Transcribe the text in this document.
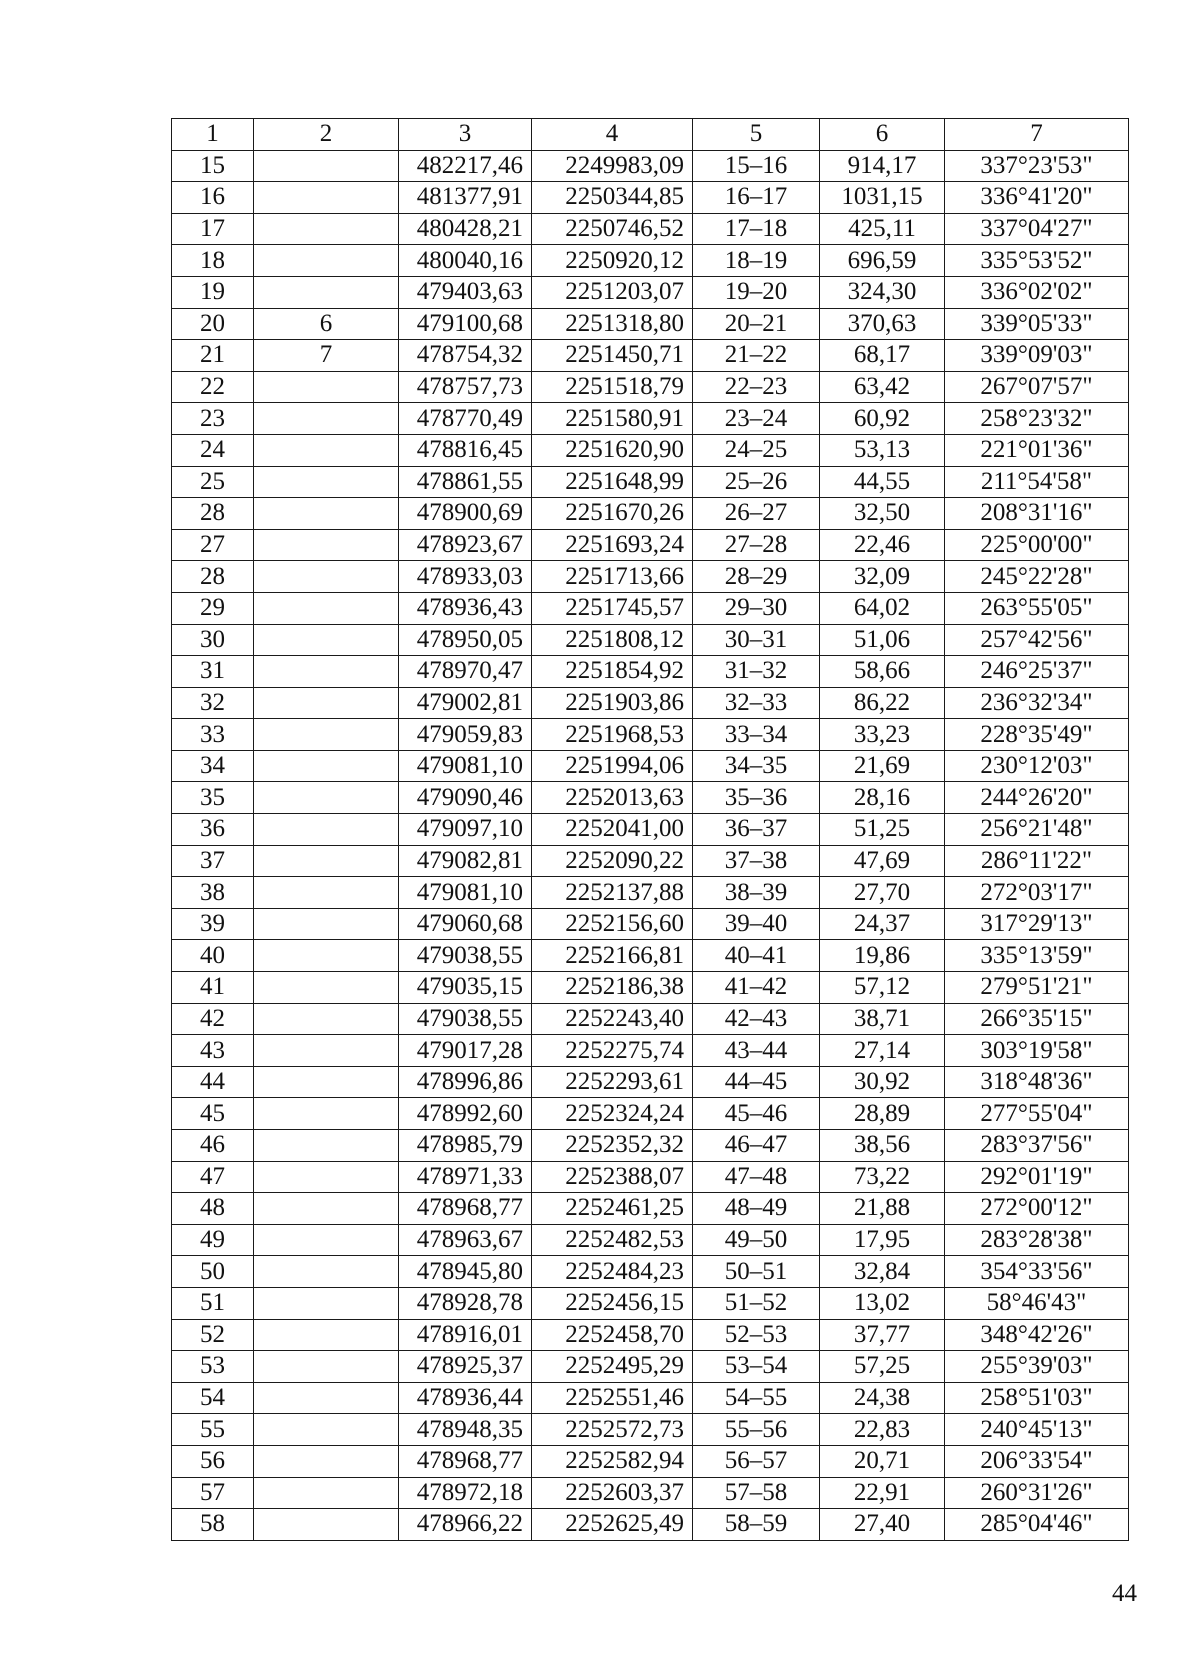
1	2	3	4	5	6	7
15		482217,46	2249983,09	15–16	914,17	337°23'53"
16		481377,91	2250344,85	16–17	1031,15	336°41'20"
17		480428,21	2250746,52	17–18	425,11	337°04'27"
18		480040,16	2250920,12	18–19	696,59	335°53'52"
19		479403,63	2251203,07	19–20	324,30	336°02'02"
20	6	479100,68	2251318,80	20–21	370,63	339°05'33"
21	7	478754,32	2251450,71	21–22	68,17	339°09'03"
22		478757,73	2251518,79	22–23	63,42	267°07'57"
23		478770,49	2251580,91	23–24	60,92	258°23'32"
24		478816,45	2251620,90	24–25	53,13	221°01'36"
25		478861,55	2251648,99	25–26	44,55	211°54'58"
28		478900,69	2251670,26	26–27	32,50	208°31'16"
27		478923,67	2251693,24	27–28	22,46	225°00'00"
28		478933,03	2251713,66	28–29	32,09	245°22'28"
29		478936,43	2251745,57	29–30	64,02	263°55'05"
30		478950,05	2251808,12	30–31	51,06	257°42'56"
31		478970,47	2251854,92	31–32	58,66	246°25'37"
32		479002,81	2251903,86	32–33	86,22	236°32'34"
33		479059,83	2251968,53	33–34	33,23	228°35'49"
34		479081,10	2251994,06	34–35	21,69	230°12'03"
35		479090,46	2252013,63	35–36	28,16	244°26'20"
36		479097,10	2252041,00	36–37	51,25	256°21'48"
37		479082,81	2252090,22	37–38	47,69	286°11'22"
38		479081,10	2252137,88	38–39	27,70	272°03'17"
39		479060,68	2252156,60	39–40	24,37	317°29'13"
40		479038,55	2252166,81	40–41	19,86	335°13'59"
41		479035,15	2252186,38	41–42	57,12	279°51'21"
42		479038,55	2252243,40	42–43	38,71	266°35'15"
43		479017,28	2252275,74	43–44	27,14	303°19'58"
44		478996,86	2252293,61	44–45	30,92	318°48'36"
45		478992,60	2252324,24	45–46	28,89	277°55'04"
46		478985,79	2252352,32	46–47	38,56	283°37'56"
47		478971,33	2252388,07	47–48	73,22	292°01'19"
48		478968,77	2252461,25	48–49	21,88	272°00'12"
49		478963,67	2252482,53	49–50	17,95	283°28'38"
50		478945,80	2252484,23	50–51	32,84	354°33'56"
51		478928,78	2252456,15	51–52	13,02	58°46'43"
52		478916,01	2252458,70	52–53	37,77	348°42'26"
53		478925,37	2252495,29	53–54	57,25	255°39'03"
54		478936,44	2252551,46	54–55	24,38	258°51'03"
55		478948,35	2252572,73	55–56	22,83	240°45'13"
56		478968,77	2252582,94	56–57	20,71	206°33'54"
57		478972,18	2252603,37	57–58	22,91	260°31'26"
58		478966,22	2252625,49	58–59	27,40	285°04'46"
44
